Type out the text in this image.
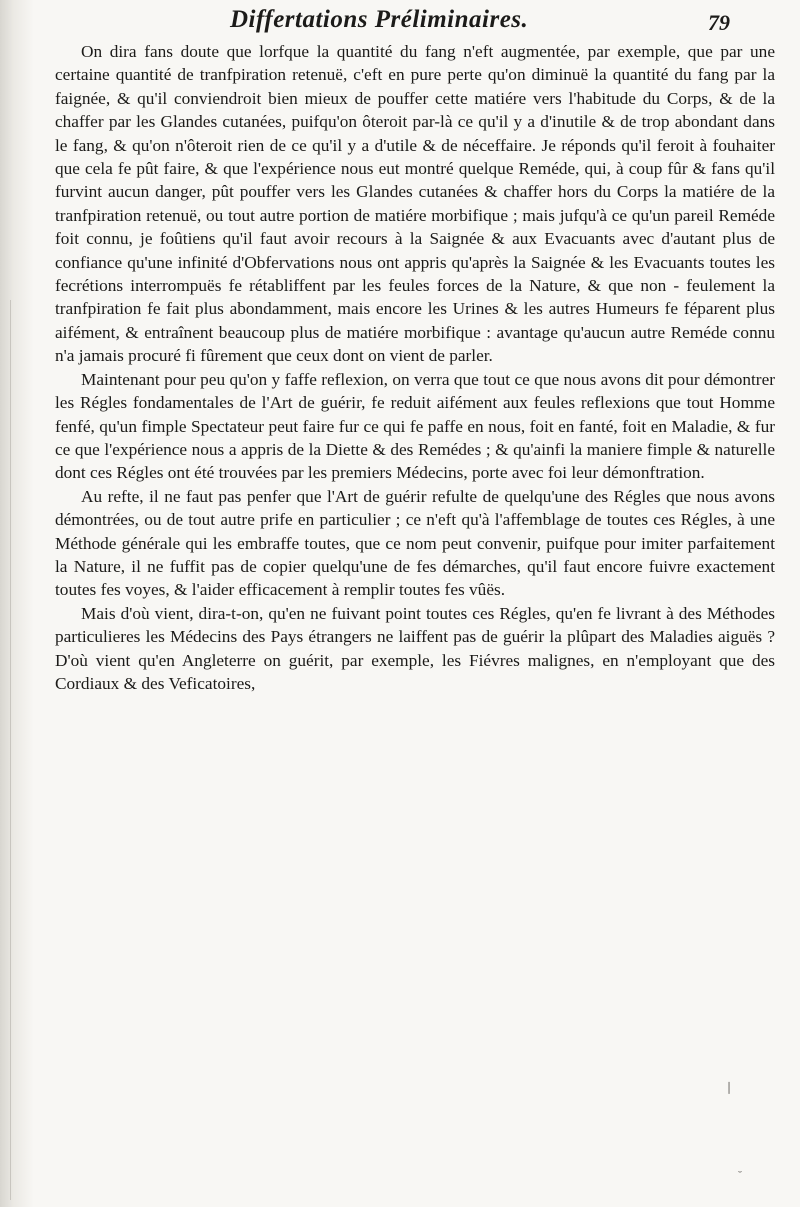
Differtations Préliminaires.	79

On dira fans doute que lorfque la quantité du fang n'eft augmentée, par exemple, que par une certaine quantité de tranfpiration retenuë, c'eft en pure perte qu'on diminuë la quantité du fang par la faignée, & qu'il conviendroit bien mieux de pouffer cette matiére vers l'habitude du Corps, & de la chaffer par les Glandes cutanées, puifqu'on ôteroit par-là ce qu'il y a d'inutile & de trop abondant dans le fang, & qu'on n'ôteroit rien de ce qu'il y a d'utile & de néceffaire. Je réponds qu'il feroit à fouhaiter que cela fe pût faire, & que l'expérience nous eut montré quelque Reméde, qui, à coup fûr & fans qu'il furvint aucun danger, pût pouffer vers les Glandes cutanées & chaffer hors du Corps la matiére de la tranfpiration retenuë, ou tout autre portion de matiére morbifique ; mais jufqu'à ce qu'un pareil Reméde foit connu, je foûtiens qu'il faut avoir recours à la Saignée & aux Evacuants avec d'autant plus de confiance qu'une infinité d'Obfervations nous ont appris qu'après la Saignée & les Evacuants toutes les fecrétions interrompuës fe rétabliffent par les feules forces de la Nature, & que non - feulement la tranfpiration fe fait plus abondamment, mais encore les Urines & les autres Humeurs fe féparent plus aifément, & entraînent beaucoup plus de matiére morbifique : avantage qu'aucun autre Reméde connu n'a jamais procuré fi fûrement que ceux dont on vient de parler.

Maintenant pour peu qu'on y faffe reflexion, on verra que tout ce que nous avons dit pour démontrer les Régles fondamentales de l'Art de guérir, fe reduit aifément aux feules reflexions que tout Homme fenfé, qu'un fimple Spectateur peut faire fur ce qui fe paffe en nous, foit en fanté, foit en Maladie, & fur ce que l'expérience nous a appris de la Diette & des Remédes ; & qu'ainfi la maniere fimple & naturelle dont ces Régles ont été trouvées par les premiers Médecins, porte avec foi leur démonftration.

Au refte, il ne faut pas penfer que l'Art de guérir refulte de quelqu'une des Régles que nous avons démontrées, ou de tout autre prife en particulier ; ce n'eft qu'à l'affemblage de toutes ces Régles, à une Méthode générale qui les embraffe toutes, que ce nom peut convenir, puifque pour imiter parfaitement la Nature, il ne fuffit pas de copier quelqu'une de fes démarches, qu'il faut encore fuivre exactement toutes fes voyes, & l'aider efficacement à remplir toutes fes vûës.

Mais d'où vient, dira-t-on, qu'en ne fuivant point toutes ces Régles, qu'en fe livrant à des Méthodes particulieres les Médecins des Pays étrangers ne laiffent pas de guérir la plûpart des Maladies aiguës ? D'où vient qu'en Angleterre on guérit, par exemple, les Fiévres malignes, en n'employant que des Cordiaux & des Veficatoires,

❘
˘
